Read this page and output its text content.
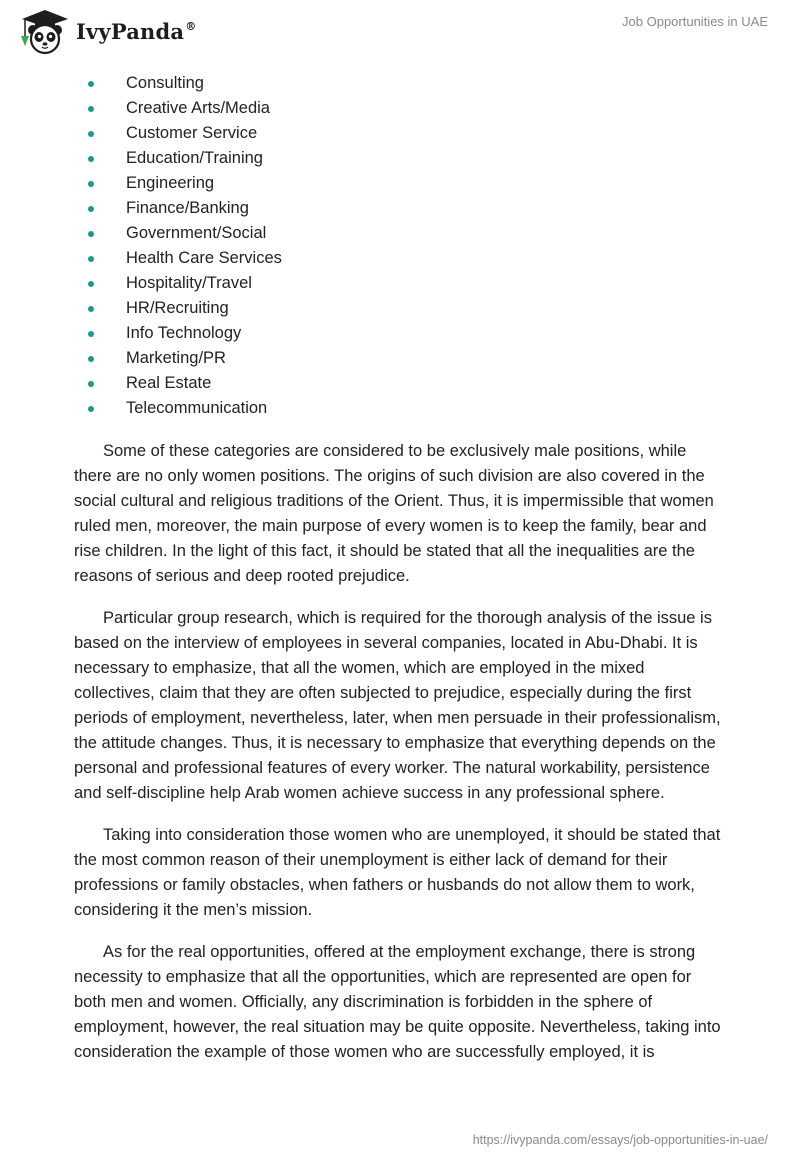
IvyPanda®	Job Opportunities in UAE
Consulting
Creative Arts/Media
Customer Service
Education/Training
Engineering
Finance/Banking
Government/Social
Health Care Services
Hospitality/Travel
HR/Recruiting
Info Technology
Marketing/PR
Real Estate
Telecommunication

Some of these categories are considered to be exclusively male positions, while there are no only women positions. The origins of such division are also covered in the social cultural and religious traditions of the Orient. Thus, it is impermissible that women ruled men, moreover, the main purpose of every women is to keep the family, bear and rise children. In the light of this fact, it should be stated that all the inequalities are the reasons of serious and deep rooted prejudice.

Particular group research, which is required for the thorough analysis of the issue is based on the interview of employees in several companies, located in Abu-Dhabi. It is necessary to emphasize, that all the women, which are employed in the mixed collectives, claim that they are often subjected to prejudice, especially during the first periods of employment, nevertheless, later, when men persuade in their professionalism, the attitude changes. Thus, it is necessary to emphasize that everything depends on the personal and professional features of every worker. The natural workability, persistence and self-discipline help Arab women achieve success in any professional sphere.

Taking into consideration those women who are unemployed, it should be stated that the most common reason of their unemployment is either lack of demand for their professions or family obstacles, when fathers or husbands do not allow them to work, considering it the men’s mission.

As for the real opportunities, offered at the employment exchange, there is strong necessity to emphasize that all the opportunities, which are represented are open for both men and women. Officially, any discrimination is forbidden in the sphere of employment, however, the real situation may be quite opposite. Nevertheless, taking into consideration the example of those women who are successfully employed, it is

https://ivypanda.com/essays/job-opportunities-in-uae/
